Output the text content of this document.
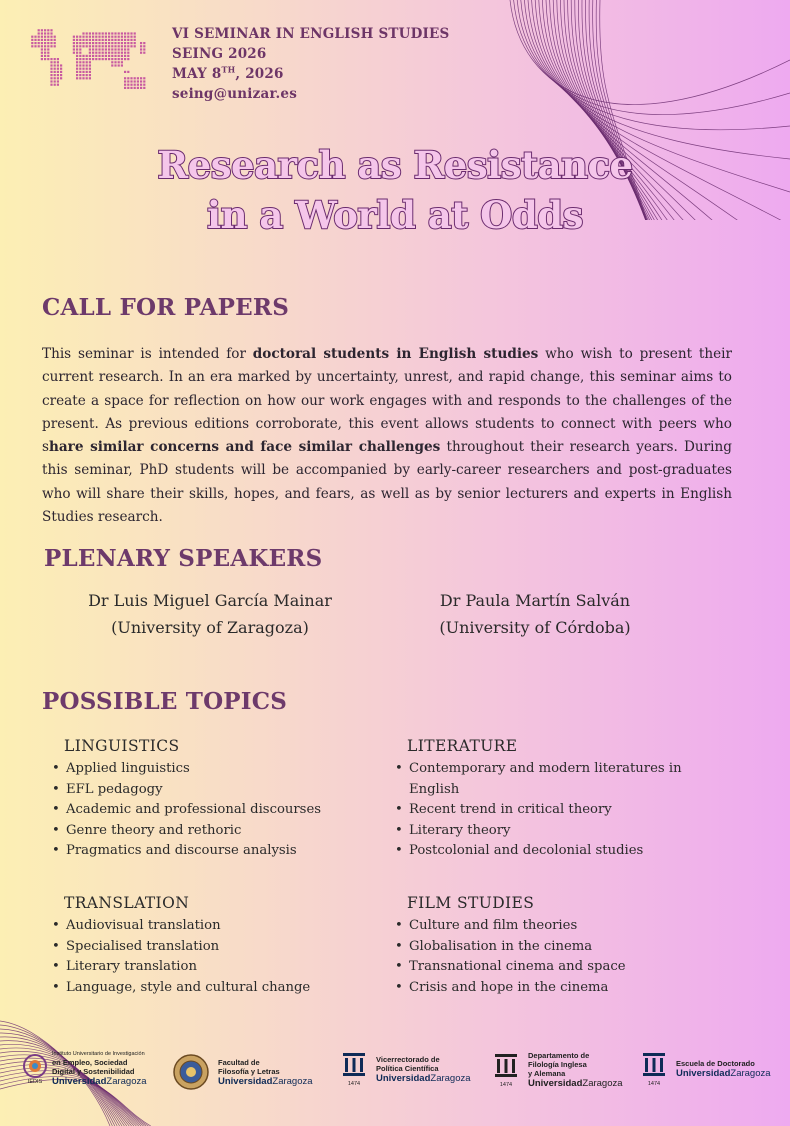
VI SEMINAR IN ENGLISH STUDIES
SEING 2026
MAY 8TH, 2026
seing@unizar.es
Research as Resistance
in a World at Odds
CALL FOR PAPERS

This seminar is intended for doctoral students in English studies who wish to present their current research. In an era marked by uncertainty, unrest, and rapid change, this seminar aims to create a space for reflection on how our work engages with and responds to the challenges of the present. As previous editions corroborate, this event allows students to connect with peers who share similar concerns and face similar challenges throughout their research years. During this seminar, PhD students will be accompanied by early-career researchers and post-graduates who will share their skills, hopes, and fears, as well as by senior lecturers and experts in English Studies research.

PLENARY SPEAKERS
Dr Luis Miguel García Mainar
(University of Zaragoza)
Dr Paula Martín Salván
(University of Córdoba)
POSSIBLE TOPICS
LINGUISTICS
• Applied linguistics
• EFL pedagogy
• Academic and professional discourses
• Genre theory and rethoric
• Pragmatics and discourse analysis
LITERATURE
• Contemporary and modern literatures in English
• Recent trend in critical theory
• Literary theory
• Postcolonial and decolonial studies
TRANSLATION
• Audiovisual translation
• Specialised translation
• Literary translation
• Language, style and cultural change
FILM STUDIES
• Culture and film theories
• Globalisation in the cinema
• Transnational cinema and space
• Crisis and hope in the cinema
IEDIS
Instituto Universitario de Investigación
en Empleo, Sociedad
Digital y Sostenibilidad
UniversidadZaragoza
Facultad de
Filosofía y Letras
UniversidadZaragoza	1474
Vicerrectorado de
Política Científica
UniversidadZaragoza
1474
Departamento de
Filología Inglesa
y Alemana
UniversidadZaragoza	1474
Escuela de Doctorado
UniversidadZaragoza
